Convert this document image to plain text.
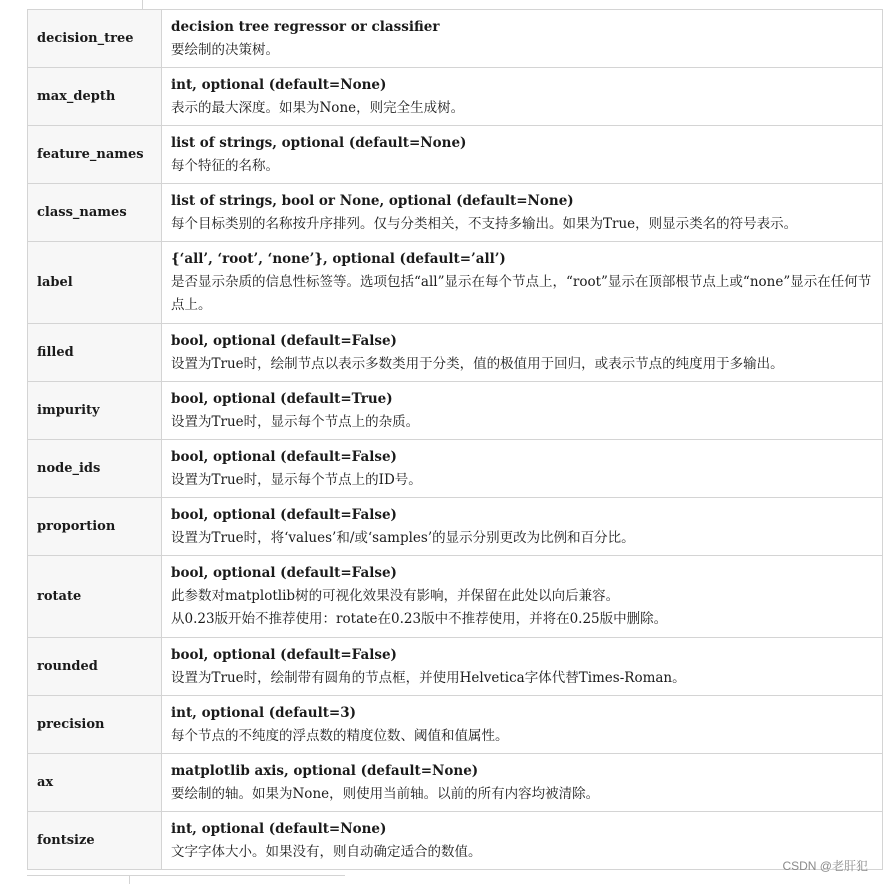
decision_tree	decision tree regressor or classifier
要绘制的决策树。

max_depth	int, optional (default=None)
表示的最大深度。如果为None，则完全生成树。

feature_names	list of strings, optional (default=None)
每个特征的名称。

class_names	list of strings, bool or None, optional (default=None)
每个目标类别的名称按升序排列。仅与分类相关，不支持多输出。如果为True，则显示类名的符号表示。

label	{‘all’, ‘root’, ‘none’}, optional (default=’all’)
是否显示杂质的信息性标签等。选项包括“all”显示在每个节点上，“root”显示在顶部根节点上或“none”显示在任何节点上。

filled	bool, optional (default=False)
设置为True时，绘制节点以表示多数类用于分类，值的极值用于回归，或表示节点的纯度用于多输出。

impurity	bool, optional (default=True)
设置为True时，显示每个节点上的杂质。

node_ids	bool, optional (default=False)
设置为True时，显示每个节点上的ID号。

proportion	bool, optional (default=False)
设置为True时，将‘values’和/或‘samples’的显示分别更改为比例和百分比。

rotate	bool, optional (default=False)
此参数对matplotlib树的可视化效果没有影响，并保留在此处以向后兼容。
从0.23版开始不推荐使用：rotate在0.23版中不推荐使用，并将在0.25版中删除。

rounded	bool, optional (default=False)
设置为True时，绘制带有圆角的节点框，并使用Helvetica字体代替Times-Roman。

precision	int, optional (default=3)
每个节点的不纯度的浮点数的精度位数、阈值和值属性。

ax	matplotlib axis, optional (default=None)
要绘制的轴。如果为None，则使用当前轴。以前的所有内容均被清除。

fontsize	int, optional (default=None)
文字字体大小。如果没有，则自动确定适合的数值。
CSDN @老肝犯
